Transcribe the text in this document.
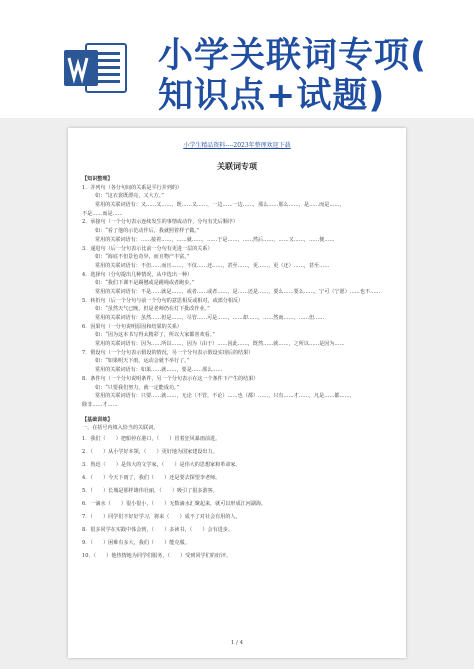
小学关联词专项(
知识点+试题)
小学生精品资料----2023年整理欢迎下载
关联词专项
【知识整理】
1．并列句（各分句间的关系是平行并列的）
如：“这衣裳既漂亮，又大方。”
常用的关联词语有：又……又……，既……又……，一边……一边……，那么……那么……，是……而是……，
不是……而是……
2．承接句（一个分句表示连续发生的事情或动作，分句有先后顺序）
如：“看了他的示范动作后，我就照着样子做。”
常用的关联词语有：……接着……，……就……，……于是……，……然后……，……又……，……便……
3．递进句（后一分句表示比前一分句有更进一层的关系）
如：“海底不但景色奇异，而且物产丰富。”
常用的关联词语有：不但……而且……，不仅……还……，甚至……，更……，更（还）……，甚至……
4．选择句（分句提出几种情况，从中选出一种）
如：“我们下课不是踢毽或是跳绳或者跑步。”
常用的关联词语有：不是……就是……，或者……或者……，是……还是……，要么……要么……，宁可（宁愿）……也不……
5．转折句（后一个分句与前一个分句的意思相反或相对，或部分相反）
如：“虽然天气已晚，但是老师仍在灯下批改作业。”
常用的关联词语有：虽然……但是……，尽管……可是……，……却……，……然而……，……但……
6．因果句（一分句说明原因和结果的关系）
如：“因为这本书写得太精彩了，所以大家都喜欢看。”
常用的关联词语有：因为……所以……，因为（由于）……因此……，既然……就……，之所以……是因为……
7．假设句（一个分句表示假设的情况，另一个分句表示假设实现后的结果）
如：“如果明天下雨，运动会就不举行了。”
常用的关联词语有：如果……就……，要是……那么……
8．条件句（一个分句说明条件，另一个分句表示在这一个条件下产生的结果）
如：“只要我们努力，就一定能成功。”
常用的关联词语有：只要……就……，无论（不管，不论）……也（都）……，只有……才……，凡是……都……，
除非……才……
【基础训练】
一、在括号内填入恰当的关联词。
1．我们（　　）把船停在港口，（　　）冒着狂风暴雨前进。
2．（　　）从小学好本领，（　　）更好地为国家建设出力。
3．鲁迅（　　）是伟大的文学家，（　　）是伟大的思想家和革命家。
4．（　　）今天下雨了，我们（　　）还是要去探望李老师。
5．（　　）长城是那样雄伟壮丽，（　　）吸引了很多游客。
6．一滴水（　　）很小很小，（　　）无数滴水汇聚起来，就可以形成江河湖海。
7．（　　）同学们不好好学习，将来（　　）成不了对社会有用的人。
8．很多同学在实践中体会到，（　　）多读书，（　　）会有进步。
9．（　　）困难有多大，我们（　　）能克服。
10．（　　）他热情地为同学们服务，（　　）受到同学们的好评。
1 / 4
